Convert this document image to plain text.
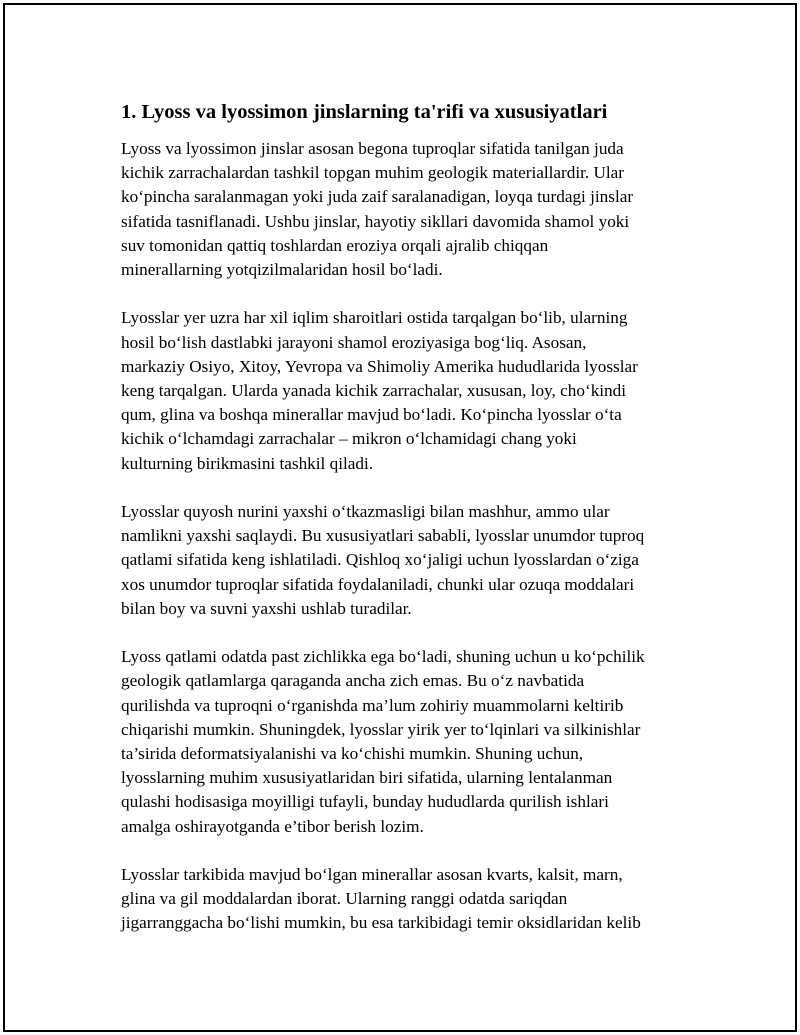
1. Lyoss va lyossimon jinslarning ta'rifi va xususiyatlari

Lyoss va lyossimon jinslar asosan begona tuproqlar sifatida tanilgan juda
kichik zarrachalardan tashkil topgan muhim geologik materiallardir. Ular
ko‘pincha saralanmagan yoki juda zaif saralanadigan, loyqa turdagi jinslar
sifatida tasniflanadi. Ushbu jinslar, hayotiy sikllari davomida shamol yoki
suv tomonidan qattiq toshlardan eroziya orqali ajralib chiqqan
minerallarning yotqizilmalaridan hosil bo‘ladi.

Lyosslar yer uzra har xil iqlim sharoitlari ostida tarqalgan bo‘lib, ularning
hosil bo‘lish dastlabki jarayoni shamol eroziyasiga bog‘liq. Asosan,
markaziy Osiyo, Xitoy, Yevropa va Shimoliy Amerika hududlarida lyosslar
keng tarqalgan. Ularda yanada kichik zarrachalar, xususan, loy, cho‘kindi
qum, glina va boshqa minerallar mavjud bo‘ladi. Ko‘pincha lyosslar o‘ta
kichik o‘lchamdagi zarrachalar – mikron o‘lchamidagi chang yoki
kulturning birikmasini tashkil qiladi.

Lyosslar quyosh nurini yaxshi o‘tkazmasligi bilan mashhur, ammo ular
namlikni yaxshi saqlaydi. Bu xususiyatlari sababli, lyosslar unumdor tuproq
qatlami sifatida keng ishlatiladi. Qishloq xo‘jaligi uchun lyosslardan o‘ziga
xos unumdor tuproqlar sifatida foydalaniladi, chunki ular ozuqa moddalari
bilan boy va suvni yaxshi ushlab turadilar.

Lyoss qatlami odatda past zichlikka ega bo‘ladi, shuning uchun u ko‘pchilik
geologik qatlamlarga qaraganda ancha zich emas. Bu o‘z navbatida
qurilishda va tuproqni o‘rganishda ma’lum zohiriy muammolarni keltirib
chiqarishi mumkin. Shuningdek, lyosslar yirik yer to‘lqinlari va silkinishlar
ta’sirida deformatsiyalanishi va ko‘chishi mumkin. Shuning uchun,
lyosslarning muhim xususiyatlaridan biri sifatida, ularning lentalanman
qulashi hodisasiga moyilligi tufayli, bunday hududlarda qurilish ishlari
amalga oshirayotganda e’tibor berish lozim.

Lyosslar tarkibida mavjud bo‘lgan minerallar asosan kvarts, kalsit, marn,
glina va gil moddalardan iborat. Ularning ranggi odatda sariqdan
jigarranggacha bo‘lishi mumkin, bu esa tarkibidagi temir oksidlaridan kelib
